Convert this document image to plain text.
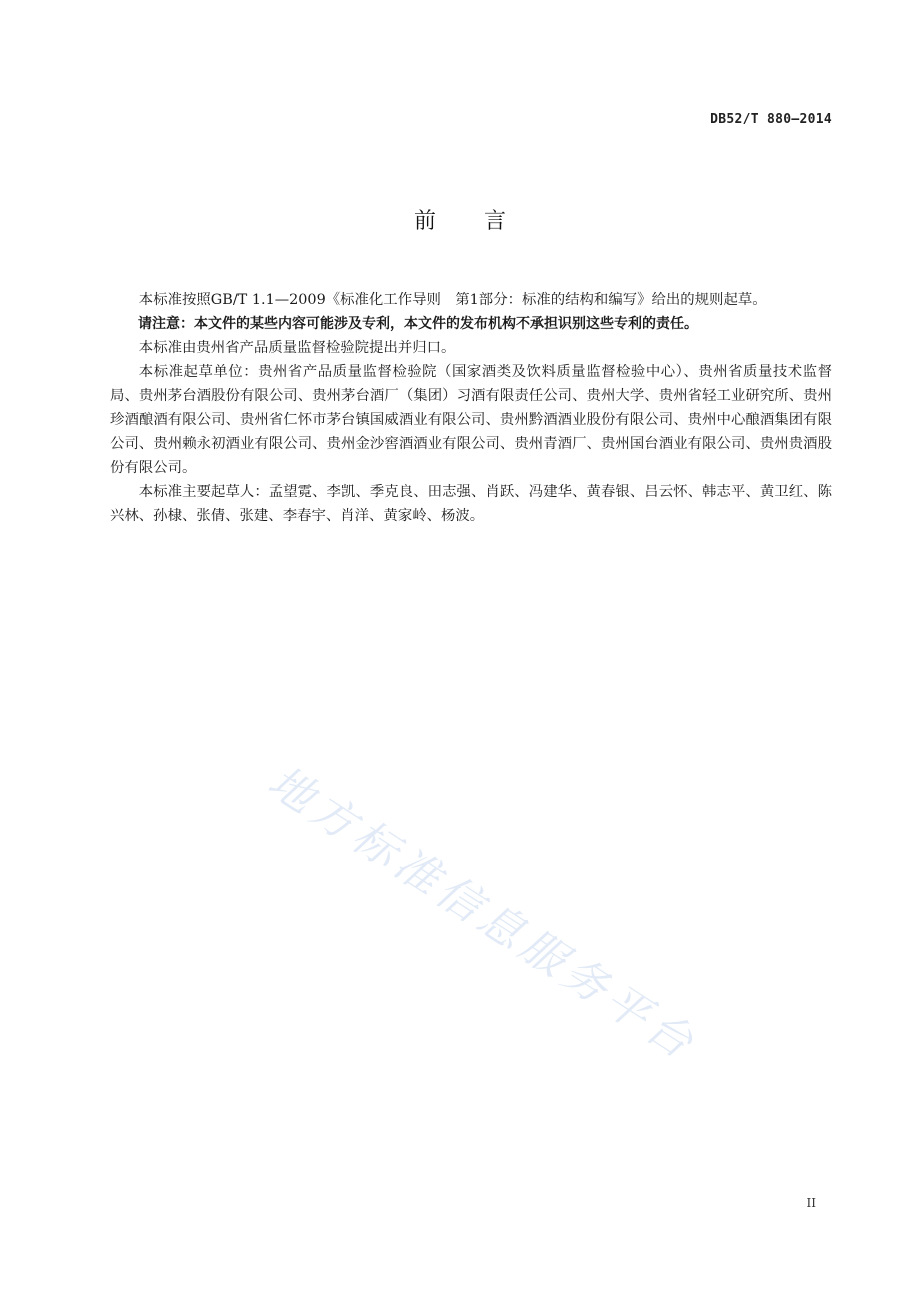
DB52/T 880—2014
前言

本标准按照GB/T 1.1—2009《标准化工作导则　第1部分：标准的结构和编写》给出的规则起草。

请注意：本文件的某些内容可能涉及专利，本文件的发布机构不承担识别这些专利的责任。

本标准由贵州省产品质量监督检验院提出并归口。

本标准起草单位：贵州省产品质量监督检验院（国家酒类及饮料质量监督检验中心）、贵州省质量技术监督局、贵州茅台酒股份有限公司、贵州茅台酒厂（集团）习酒有限责任公司、贵州大学、贵州省轻工业研究所、贵州珍酒酿酒有限公司、贵州省仁怀市茅台镇国威酒业有限公司、贵州黔酒酒业股份有限公司、贵州中心酿酒集团有限公司、贵州赖永初酒业有限公司、贵州金沙窖酒酒业有限公司、贵州青酒厂、贵州国台酒业有限公司、贵州贵酒股份有限公司。

本标准主要起草人：孟望霓、李凯、季克良、田志强、肖跃、冯建华、黄春银、吕云怀、韩志平、黄卫红、陈兴林、孙棣、张倩、张建、李春宇、肖洋、黄家岭、杨波。

地方标准信息服务平台
II
